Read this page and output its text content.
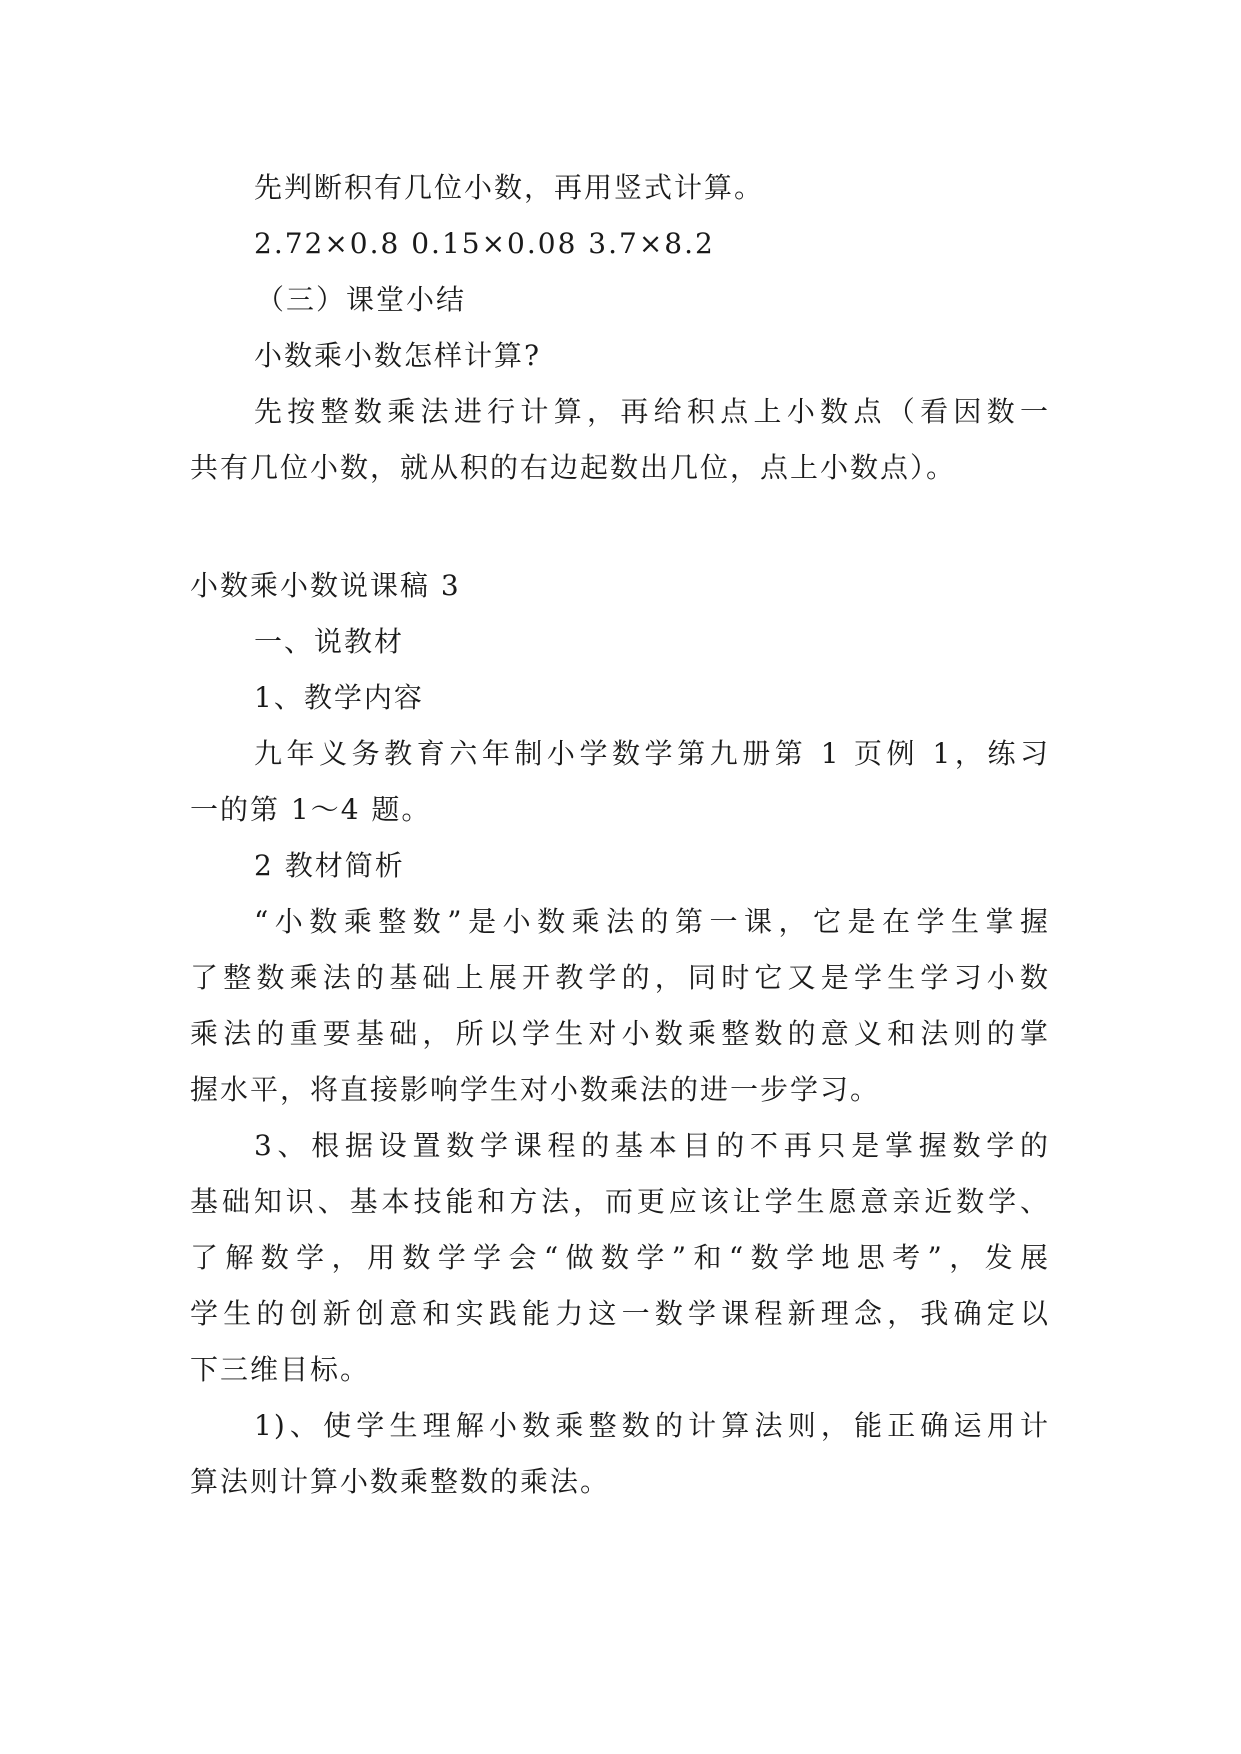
先判断积有几位小数，再用竖式计算。
2.72×0.8 0.15×0.08 3.7×8.2
（三）课堂小结
小数乘小数怎样计算?
先按整数乘法进行计算，再给积点上小数点（看因数一
共有几位小数，就从积的右边起数出几位，点上小数点）。
小数乘小数说课稿 3
一、说教材
1、教学内容
九年义务教育六年制小学数学第九册第 1 页例 1，练习
一的第 1～4 题。
2 教材简析
“小数乘整数”是小数乘法的第一课，它是在学生掌握
了整数乘法的基础上展开教学的，同时它又是学生学习小数
乘法的重要基础，所以学生对小数乘整数的意义和法则的掌
握水平，将直接影响学生对小数乘法的进一步学习。
3、根据设置数学课程的基本目的不再只是掌握数学的
基础知识、基本技能和方法，而更应该让学生愿意亲近数学、
了解数学，用数学学会“做数学”和“数学地思考”，发展
学生的创新创意和实践能力这一数学课程新理念，我确定以
下三维目标。
1)、使学生理解小数乘整数的计算法则，能正确运用计
算法则计算小数乘整数的乘法。
